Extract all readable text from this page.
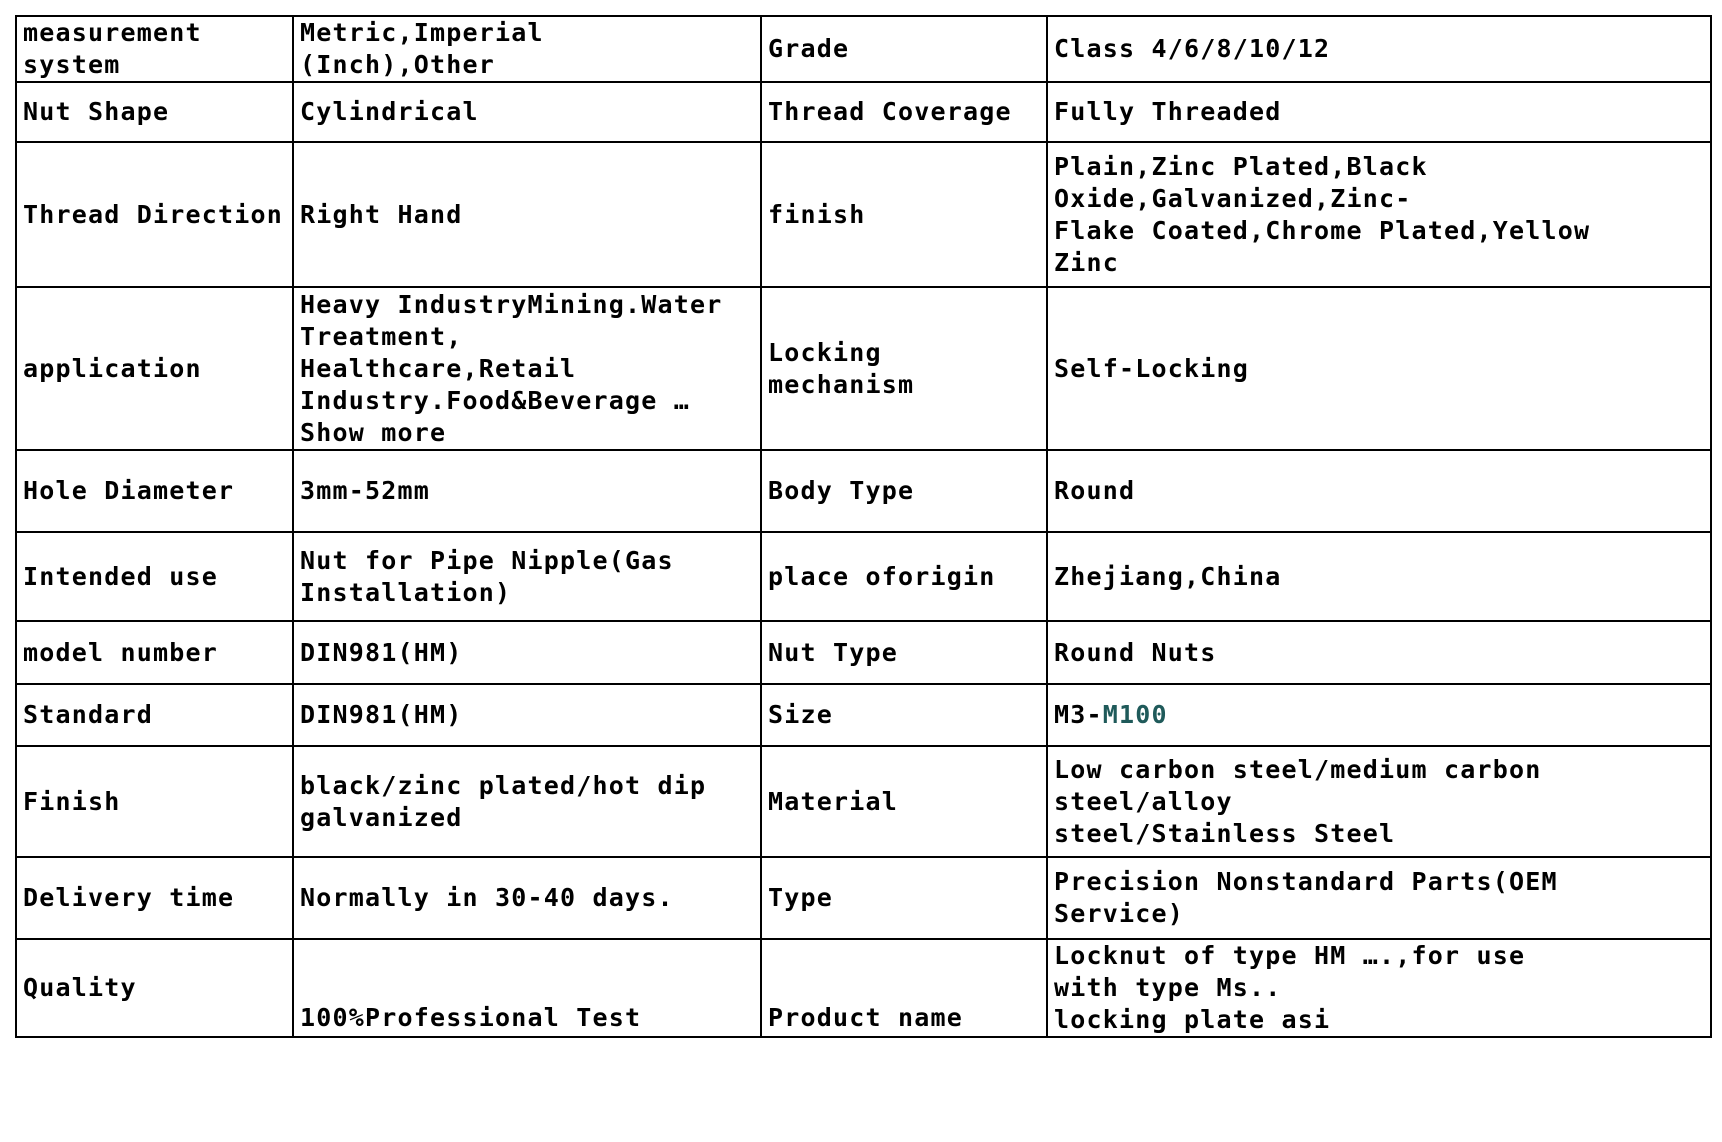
measurement system	Metric,Imperial (Inch),Other	Grade	Class 4/6/8/10/12
Nut Shape	Cylindrical	Thread Coverage	Fully Threaded
Thread Direction	Right Hand	finish	Plain,Zinc Plated,Black
Oxide,Galvanized,Zinc-
Flake Coated,Chrome Plated,Yellow
Zinc

application	Heavy IndustryMining.Water
Treatment,
Healthcare,Retail
Industry.Food&Beverage …
Show more	Locking mechanism	Self-Locking
Hole Diameter	3mm-52mm	Body Type	Round
Intended use	Nut for Pipe Nipple(Gas
Installation)	place oforigin	Zhejiang,China
model number	DIN981(HM)	Nut Type	Round Nuts
Standard	DIN981(HM)	Size	M3-M100
Finish	black/zinc plated/hot dip
galvanized	Material	Low carbon steel/medium carbon
steel/alloy
steel/Stainless Steel

Delivery time	Normally in 30-40 days.	Type	Precision Nonstandard Parts(OEM
Service)

Quality	100%Professional Test	Product name	Locknut of type HM ….,for use
with type Ms..
locking plate asi
